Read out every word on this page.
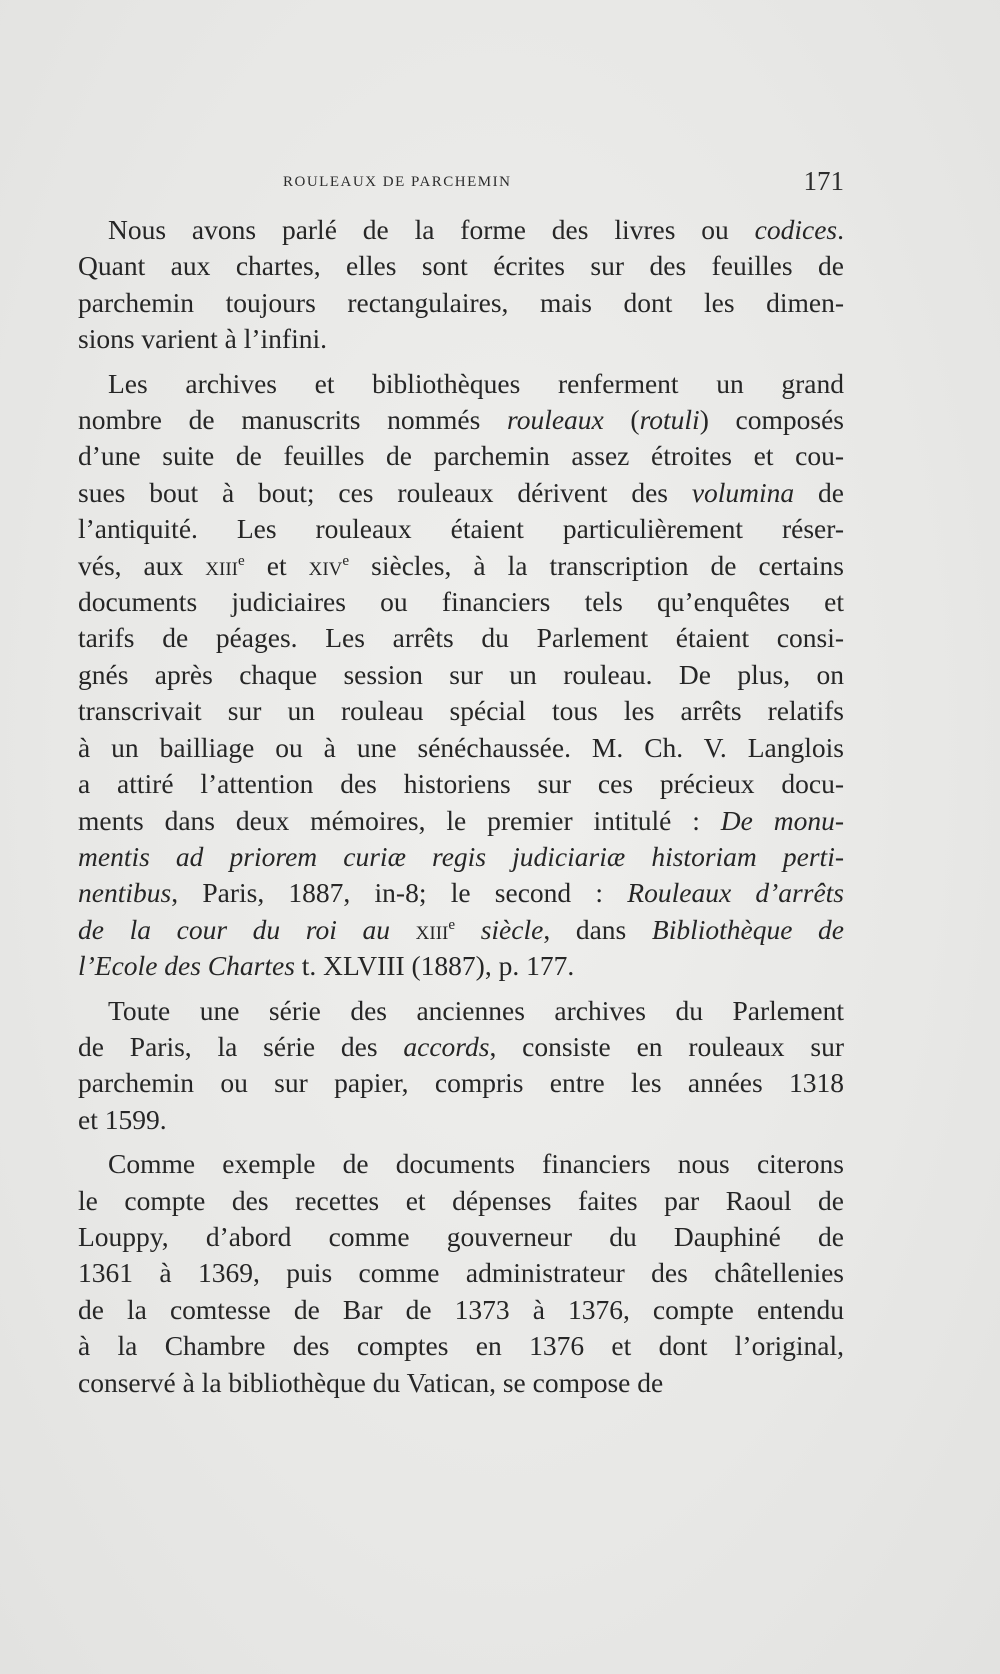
ROULEAUX DE PARCHEMIN	171
Nous avons parlé de la forme des livres ou codices.
Quant aux chartes, elles sont écrites sur des feuilles de
parchemin toujours rectangulaires, mais dont les dimen-
sions varient à l’infini.
Les archives et bibliothèques renferment un grand
nombre de manuscrits nommés rouleaux (rotuli) composés
d’une suite de feuilles de parchemin assez étroites et cou-
sues bout à bout; ces rouleaux dérivent des volumina de
l’antiquité. Les rouleaux étaient particulièrement réser-
vés, aux xiii$^e$ et xiv$^e$ siècles, à la transcription de certains
documents judiciaires ou financiers tels qu’enquêtes et
tarifs de péages. Les arrêts du Parlement étaient consi-
gnés après chaque session sur un rouleau. De plus, on
transcrivait sur un rouleau spécial tous les arrêts relatifs
à un bailliage ou à une sénéchaussée. M. Ch. V. Langlois
a attiré l’attention des historiens sur ces précieux docu-
ments dans deux mémoires, le premier intitulé : De monu-
mentis ad priorem curiæ regis judiciariæ historiam perti-
nentibus, Paris, 1887, in-8; le second : Rouleaux d’arrêts
de la cour du roi au xiii$^e$ siècle, dans Bibliothèque de
l’Ecole des Chartes t. XLVIII (1887), p. 177.
Toute une série des anciennes archives du Parlement
de Paris, la série des accords, consiste en rouleaux sur
parchemin ou sur papier, compris entre les années 1318
et 1599.
Comme exemple de documents financiers nous citerons
le compte des recettes et dépenses faites par Raoul de
Louppy, d’abord comme gouverneur du Dauphiné de
1361 à 1369, puis comme administrateur des châtellenies
de la comtesse de Bar de 1373 à 1376, compte entendu
à la Chambre des comptes en 1376 et dont l’original,
conservé à la bibliothèque du Vatican, se compose de
